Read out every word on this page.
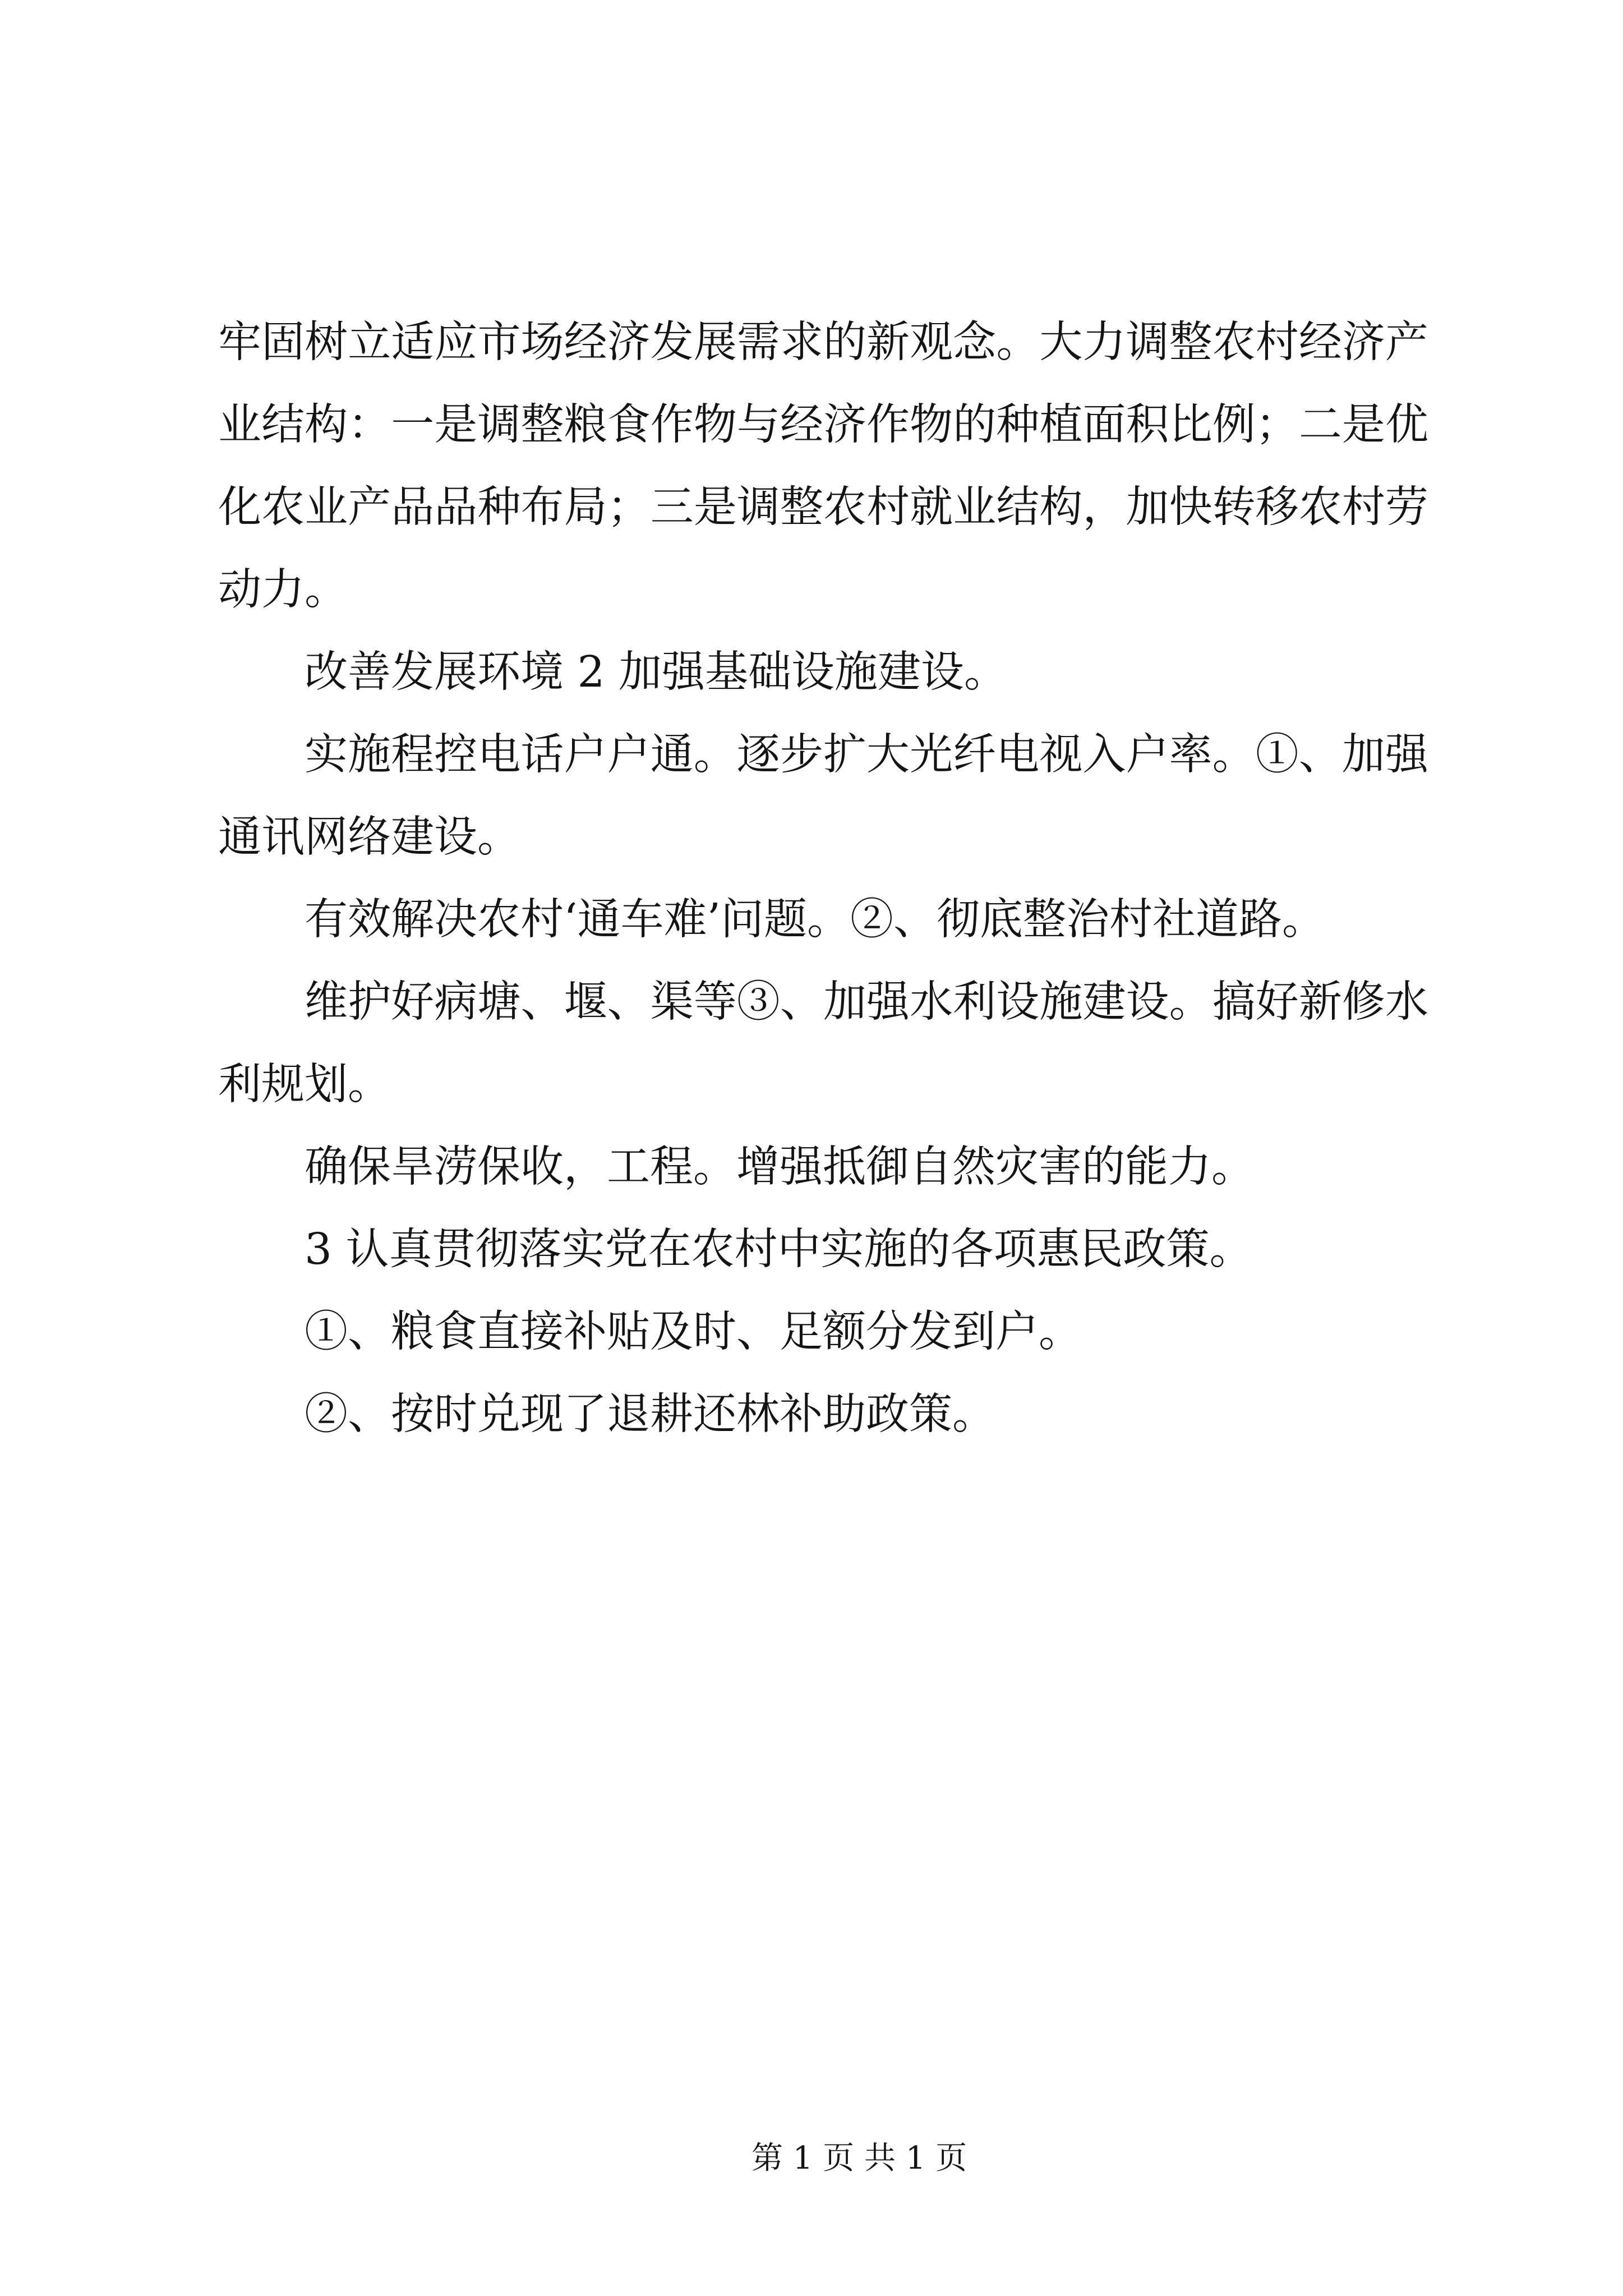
牢固树立适应市场经济发展需求的新观念。大力调整农村经济产
业结构：一是调整粮食作物与经济作物的种植面积比例；二是优
化农业产品品种布局；三是调整农村就业结构，加快转移农村劳
动力。
改善发展环境 2 加强基础设施建设。
实施程控电话户户通。逐步扩大光纤电视入户率。①、加强
通讯网络建设。
有效解决农村‘通车难’问题。②、彻底整治村社道路。
维护好病塘、堰、渠等③、加强水利设施建设。搞好新修水
利规划。
确保旱涝保收，工程。增强抵御自然灾害的能力。
3 认真贯彻落实党在农村中实施的各项惠民政策。
①、粮食直接补贴及时、足额分发到户。
②、按时兑现了退耕还林补助政策。
第 1 页 共 1 页
